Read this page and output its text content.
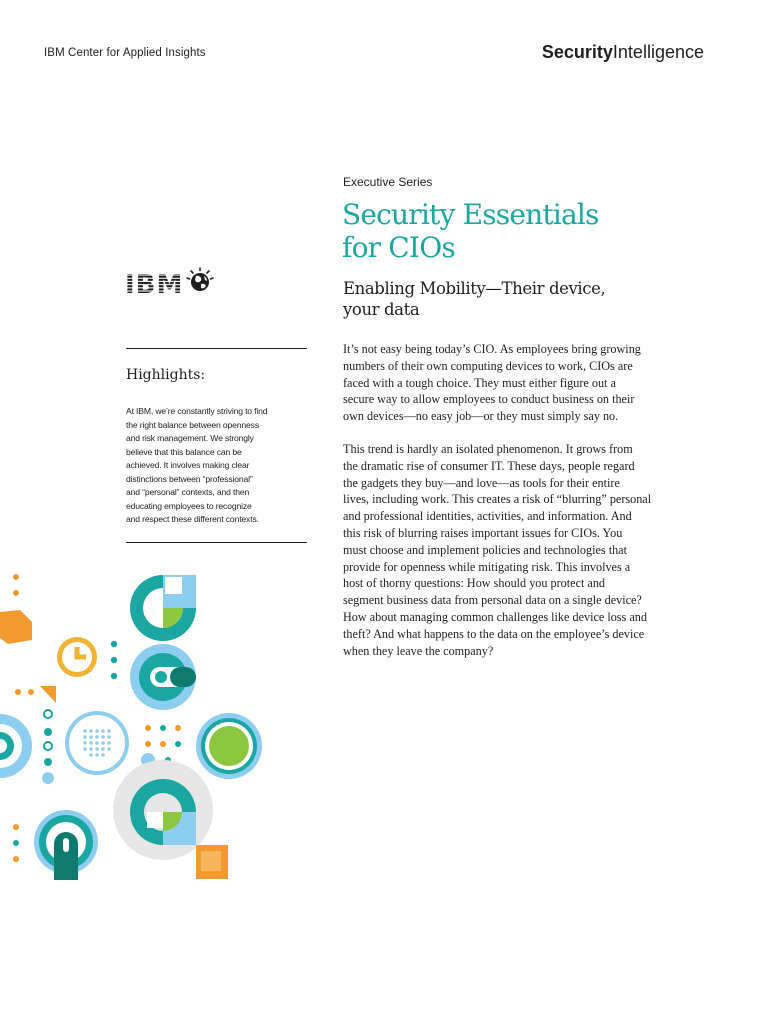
IBM Center for Applied Insights	SecurityIntelligence
Executive Series
Security Essentials
for CIOs
Enabling Mobility—Their device,
your data
IBM
Highlights:
At IBM, we’re constantly striving to find
the right balance between openness
and risk management. We strongly
believe that this balance can be
achieved. It involves making clear
distinctions between “professional”
and “personal” contexts, and then
educating employees to recognize
and respect these different contexts.

It’s not easy being today’s CIO. As employees bring growing
numbers of their own computing devices to work, CIOs are
faced with a tough choice. They must either figure out a
secure way to allow employees to conduct business on their
own devices—no easy job—or they must simply say no.

This trend is hardly an isolated phenomenon. It grows from
the dramatic rise of consumer IT. These days, people regard
the gadgets they buy—and love—as tools for their entire
lives, including work. This creates a risk of “blurring” personal
and professional identities, activities, and information. And
this risk of blurring raises important issues for CIOs. You
must choose and implement policies and technologies that
provide for openness while mitigating risk. This involves a
host of thorny questions: How should you protect and
segment business data from personal data on a single device?
How about managing common challenges like device loss and
theft? And what happens to the data on the employee’s device
when they leave the company?
